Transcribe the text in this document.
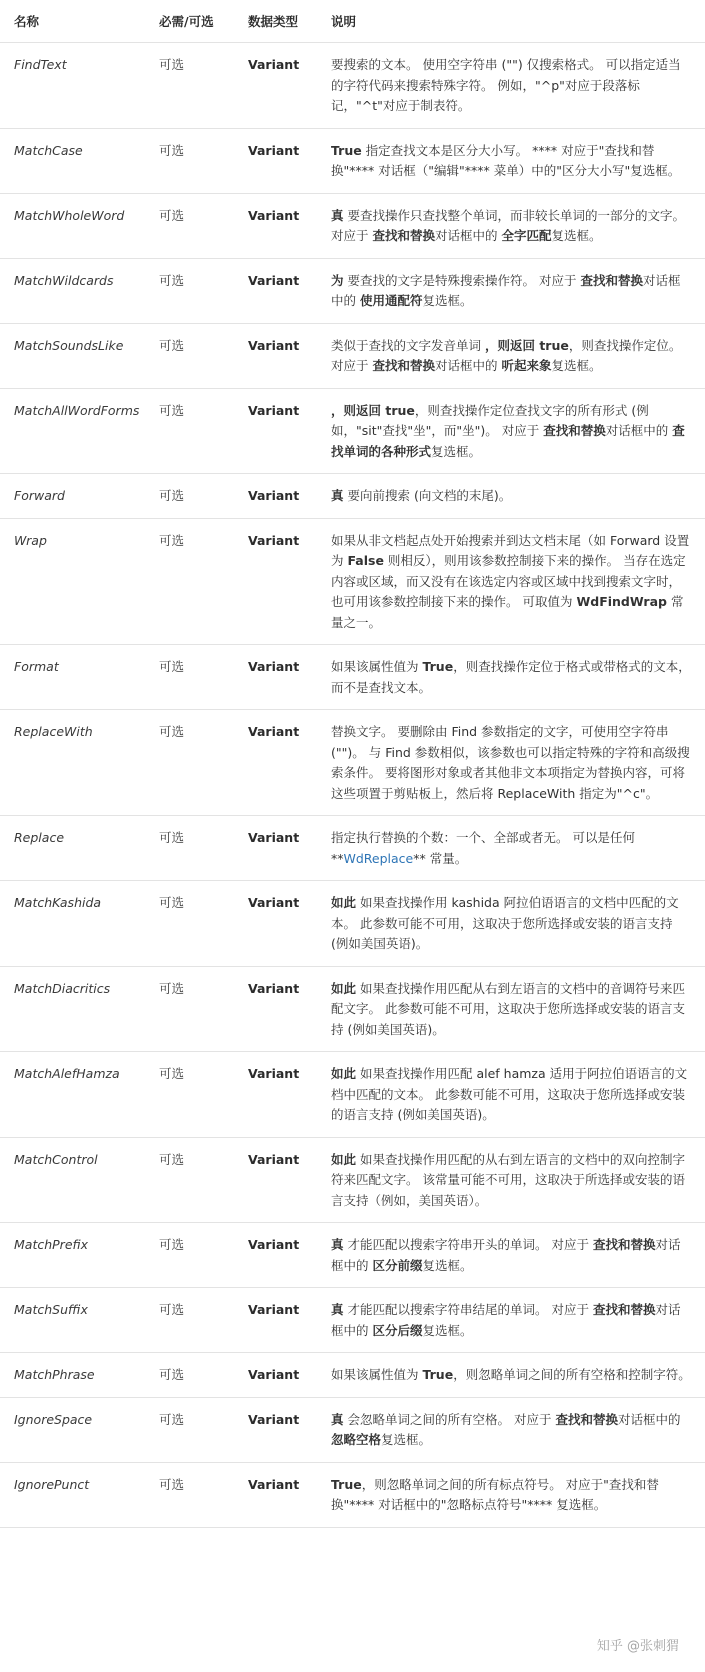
名称	必需/可选	数据类型	说明
FindText	可选	Variant	要搜索的文本。 使用空字符串 ("") 仅搜索格式。 可以指定适当的字符代码来搜索特殊字符。 例如，"^p"对应于段落标记，"^t"对应于制表符。
MatchCase	可选	Variant	True 指定查找文本是区分大小写。 **** 对应于"查找和替换"**** 对话框（"编辑"**** 菜单）中的"区分大小写"复选框。
MatchWholeWord	可选	Variant	真 要查找操作只查找整个单词，而非较长单词的一部分的文字。 对应于 查找和替换对话框中的 全字匹配复选框。
MatchWildcards	可选	Variant	为 要查找的文字是特殊搜索操作符。 对应于 查找和替换对话框中的 使用通配符复选框。
MatchSoundsLike	可选	Variant	类似于查找的文字发音单词 ，则返回 true，则查找操作定位。 对应于 查找和替换对话框中的 听起来象复选框。
MatchAllWordForms	可选	Variant	，则返回 true，则查找操作定位查找文字的所有形式 (例如，"sit"查找"坐"，而"坐")。 对应于 查找和替换对话框中的 查找单词的各种形式复选框。
Forward	可选	Variant	真 要向前搜索 (向文档的末尾)。
Wrap	可选	Variant	如果从非文档起点处开始搜索并到达文档末尾（如 Forward 设置为 False 则相反），则用该参数控制接下来的操作。 当存在选定内容或区域，而又没有在该选定内容或区域中找到搜索文字时，也可用该参数控制接下来的操作。 可取值为 WdFindWrap 常量之一。
Format	可选	Variant	如果该属性值为 True，则查找操作定位于格式或带格式的文本，而不是查找文本。
ReplaceWith	可选	Variant	替换文字。 要删除由 Find 参数指定的文字，可使用空字符串 ("")。 与 Find 参数相似，该参数也可以指定特殊的字符和高级搜索条件。 要将图形对象或者其他非文本项指定为替换内容，可将这些项置于剪贴板上，然后将 ReplaceWith 指定为"^c"。
Replace	可选	Variant	指定执行替换的个数：一个、全部或者无。 可以是任何**WdReplace** 常量。
MatchKashida	可选	Variant	如此 如果查找操作用 kashida 阿拉伯语语言的文档中匹配的文本。 此参数可能不可用，这取决于您所选择或安装的语言支持 (例如美国英语)。
MatchDiacritics	可选	Variant	如此 如果查找操作用匹配从右到左语言的文档中的音调符号来匹配文字。 此参数可能不可用，这取决于您所选择或安装的语言支持 (例如美国英语)。
MatchAlefHamza	可选	Variant	如此 如果查找操作用匹配 alef hamza 适用于阿拉伯语语言的文档中匹配的文本。 此参数可能不可用，这取决于您所选择或安装的语言支持 (例如美国英语)。
MatchControl	可选	Variant	如此 如果查找操作用匹配的从右到左语言的文档中的双向控制字符来匹配文字。 该常量可能不可用，这取决于所选择或安装的语言支持（例如，美国英语）。
MatchPrefix	可选	Variant	真 才能匹配以搜索字符串开头的单词。 对应于 查找和替换对话框中的 区分前缀复选框。
MatchSuffix	可选	Variant	真 才能匹配以搜索字符串结尾的单词。 对应于 查找和替换对话框中的 区分后缀复选框。
MatchPhrase	可选	Variant	如果该属性值为 True，则忽略单词之间的所有空格和控制字符。
IgnoreSpace	可选	Variant	真 会忽略单词之间的所有空格。 对应于 查找和替换对话框中的 忽略空格复选框。
IgnorePunct	可选	Variant	True，则忽略单词之间的所有标点符号。 对应于"查找和替换"**** 对话框中的"忽略标点符号"**** 复选框。
知乎 @张刺猬
